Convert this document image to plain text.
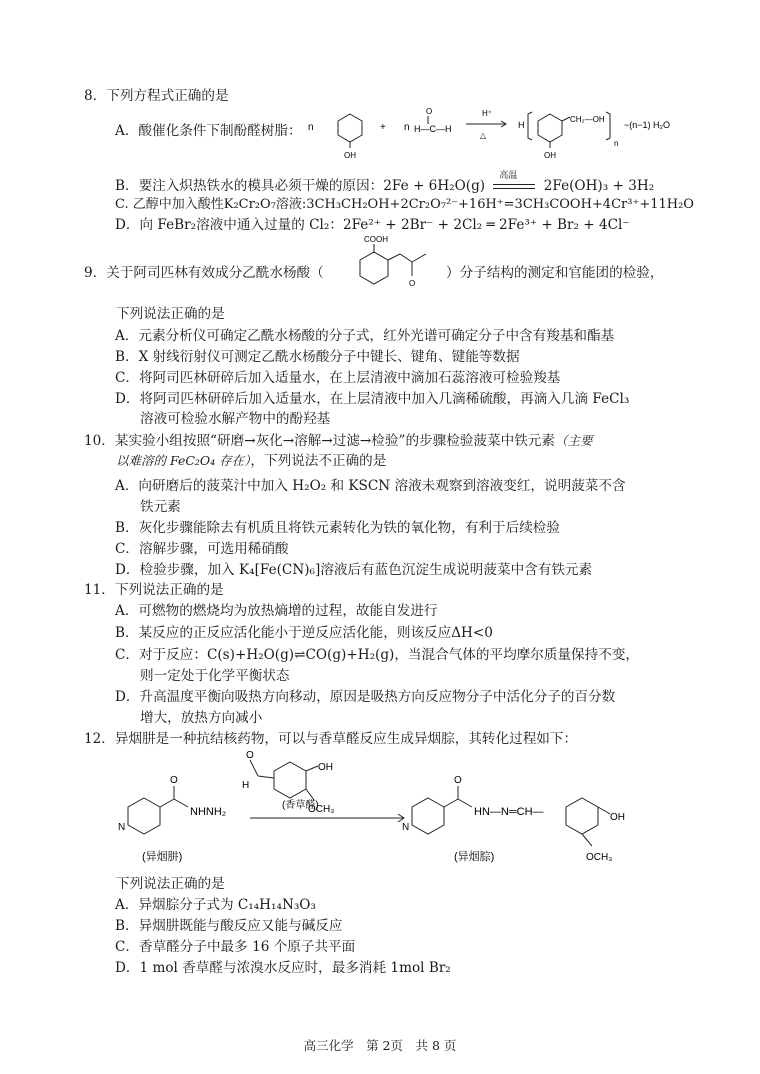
8．下列方程式正确的是
A．酸催化条件下制酚醛树脂： n
OH
+ n
O
H—C—H
H⁺
△
H
CH₂—OH
OH
n
−(n−1) H₂O
B．要注入炽热铁水的模具必须干燥的原因：2Fe + 6H₂O(g)
高温
2Fe(OH)₃ + 3H₂
C. 乙醇中加入酸性K₂Cr₂O₇溶液:3CH₃CH₂OH+2Cr₂O₇²⁻+16H⁺=3CH₃COOH+4Cr³⁺+11H₂O
D．向 FeBr₂溶液中通入过量的 Cl₂：2Fe²⁺ + 2Br⁻ + 2Cl₂ ═ 2Fe³⁺ + Br₂ + 4Cl⁻
9．关于阿司匹林有效成分乙酰水杨酸（
COOH
O
）分子结构的测定和官能团的检验，
下列说法正确的是
A．元素分析仪可确定乙酰水杨酸的分子式，红外光谱可确定分子中含有羧基和酯基
B．X 射线衍射仪可测定乙酰水杨酸分子中键长、键角、键能等数据
C．将阿司匹林研碎后加入适量水，在上层清液中滴加石蕊溶液可检验羧基
D．将阿司匹林研碎后加入适量水，在上层清液中加入几滴稀硫酸，再滴入几滴 FeCl₃
溶液可检验水解产物中的酚羟基
10．某实验小组按照“研磨→灰化→溶解→过滤→检验”的步骤检验菠菜中铁元素（主要
以难溶的 FeC₂O₄ 存在），下列说法不正确的是
A．向研磨后的菠菜汁中加入 H₂O₂ 和 KSCN 溶液未观察到溶液变红，说明菠菜不含
铁元素
B．灰化步骤能除去有机质且将铁元素转化为铁的氧化物，有利于后续检验
C．溶解步骤，可选用稀硝酸
D．检验步骤，加入 K₄[Fe(CN)₆]溶液后有蓝色沉淀生成说明菠菜中含有铁元素
11．下列说法正确的是
A．可燃物的燃烧均为放热熵增的过程，故能自发进行
B．某反应的正反应活化能小于逆反应活化能，则该反应ΔH<0
C．对于反应：C(s)+H₂O(g)⇌CO(g)+H₂(g)，当混合气体的平均摩尔质量保持不变，
则一定处于化学平衡状态
D．升高温度平衡向吸热方向移动，原因是吸热方向反应物分子中活化分子的百分数
增大，放热方向减小
12．异烟肼是一种抗结核药物，可以与香草醛反应生成异烟腙，其转化过程如下：
N
O
NHNH₂
(异烟肼)
O
H
OH
OCH₃
(香草醛)
N
O
HN—N═CH—	OH
OCH₃
(异烟腙)
下列说法正确的是
A．异烟腙分子式为 C₁₄H₁₄N₃O₃
B．异烟肼既能与酸反应又能与碱反应
C．香草醛分子中最多 16 个原子共平面
D．1 mol 香草醛与浓溴水反应时，最多消耗 1mol Br₂
高三化学　第 2页　共 8 页
